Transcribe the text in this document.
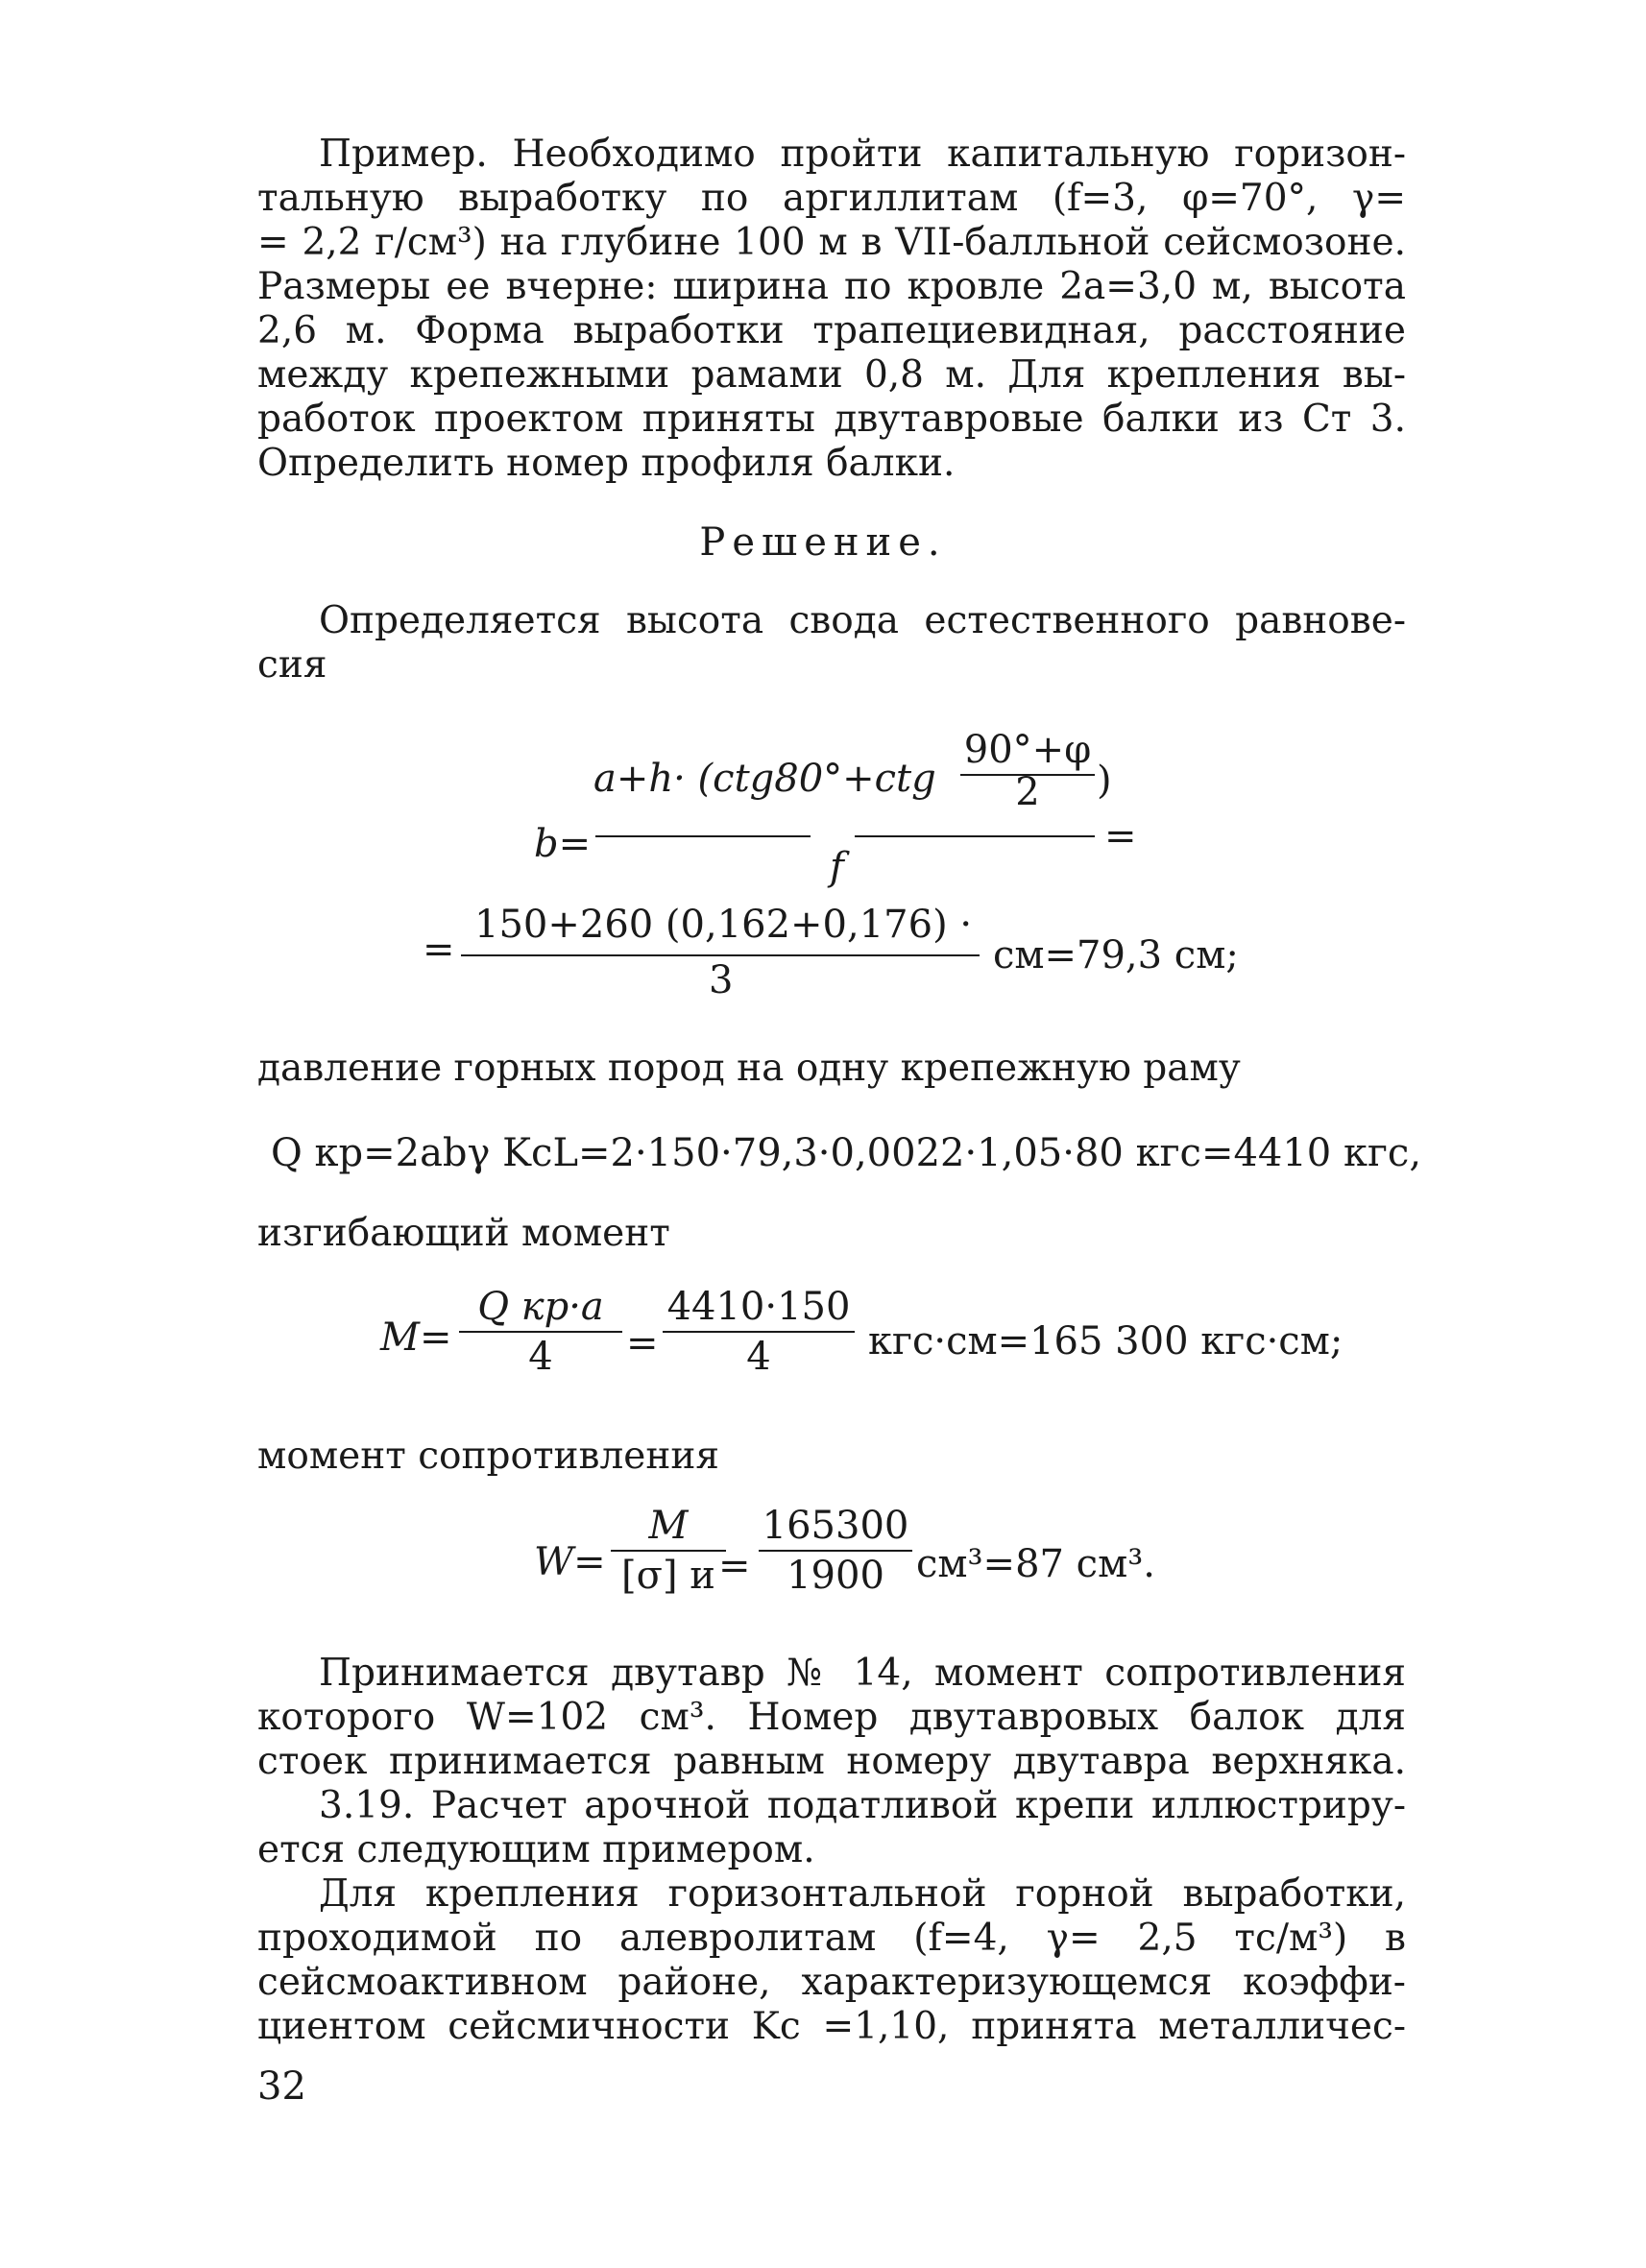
Пример. Необходимо пройти капитальную горизон-
тальную выработку по аргиллитам (f=3, φ=70°, γ=
= 2,2 г/см³) на глубине 100 м в VII-балльной сейсмозоне.
Размеры ее вчерне: ширина по кровле 2a=3,0 м, высота
2,6 м. Форма выработки трапециевидная, расстояние
между крепежными рамами 0,8 м. Для крепления вы-
работок проектом приняты двутавровые балки из Ст 3.
Определить номер профиля балки.
Решение.
Определяется высота свода естественного равнове-
сия
a+h· (ctg80°+ctg
90°+φ
2	)
b=	=
f
=
150+260 (0,162+0,176) ·
3
см=79,3 см;
давление горных пород на одну крепежную раму
Q кр=2abγ KсL=2·150·79,3·0,0022·1,05·80 кгс=4410 кгс,
изгибающий момент
M=
Q кр·a
4	=
4410·150
4	кгс·см=165 300 кгс·см;
момент сопротивления
W=
M
[σ] и =
165300
1900 см³=87 см³.
Принимается двутавр № 14, момент сопротивления
которого W=102 см³. Номер двутавровых балок для
стоек принимается равным номеру двутавра верхняка.
3.19. Расчет арочной податливой крепи иллюстриру-
ется следующим примером.
Для крепления горизонтальной горной выработки,
проходимой по алевролитам (f=4, γ= 2,5 тс/м³) в
сейсмоактивном районе, характеризующемся коэффи-
циентом сейсмичности Kс =1,10, принята металличес-
32
